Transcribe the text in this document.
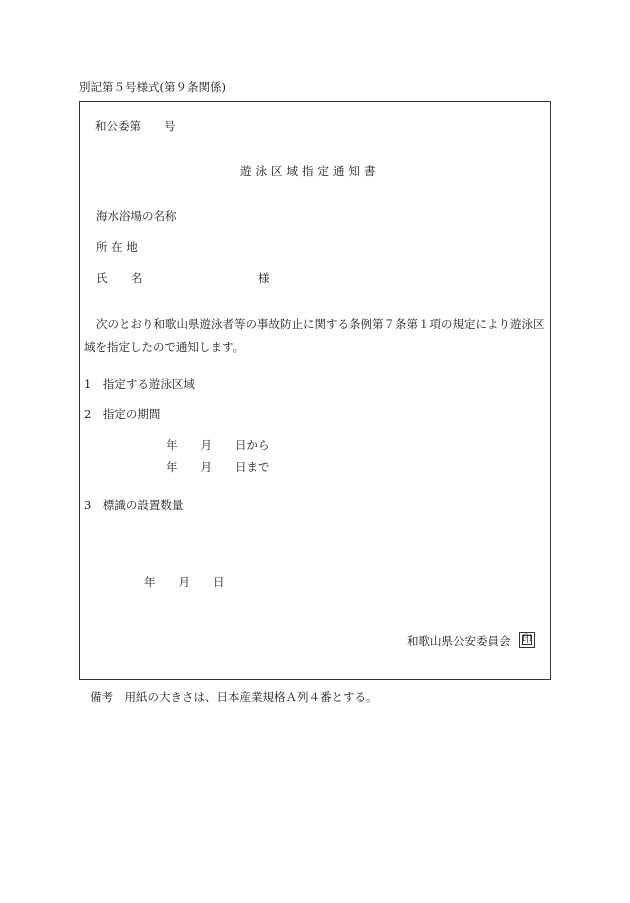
別記第５号様式(第９条関係)
和公委第　　号
遊泳区域指定通知書
海水浴場の名称
所 在 地
氏 名	様
次のとおり和歌山県遊泳者等の事故防止に関する条例第７条第１項の規定により遊泳区
域を指定したので通知します。
1　指定する遊泳区域
2　指定の期間
年　　月　　日から
年　　月　　日まで
3　標識の設置数量
年　　月　　日
和歌山県公安委員会	印
備考　用紙の大きさは、日本産業規格Ａ列４番とする。
